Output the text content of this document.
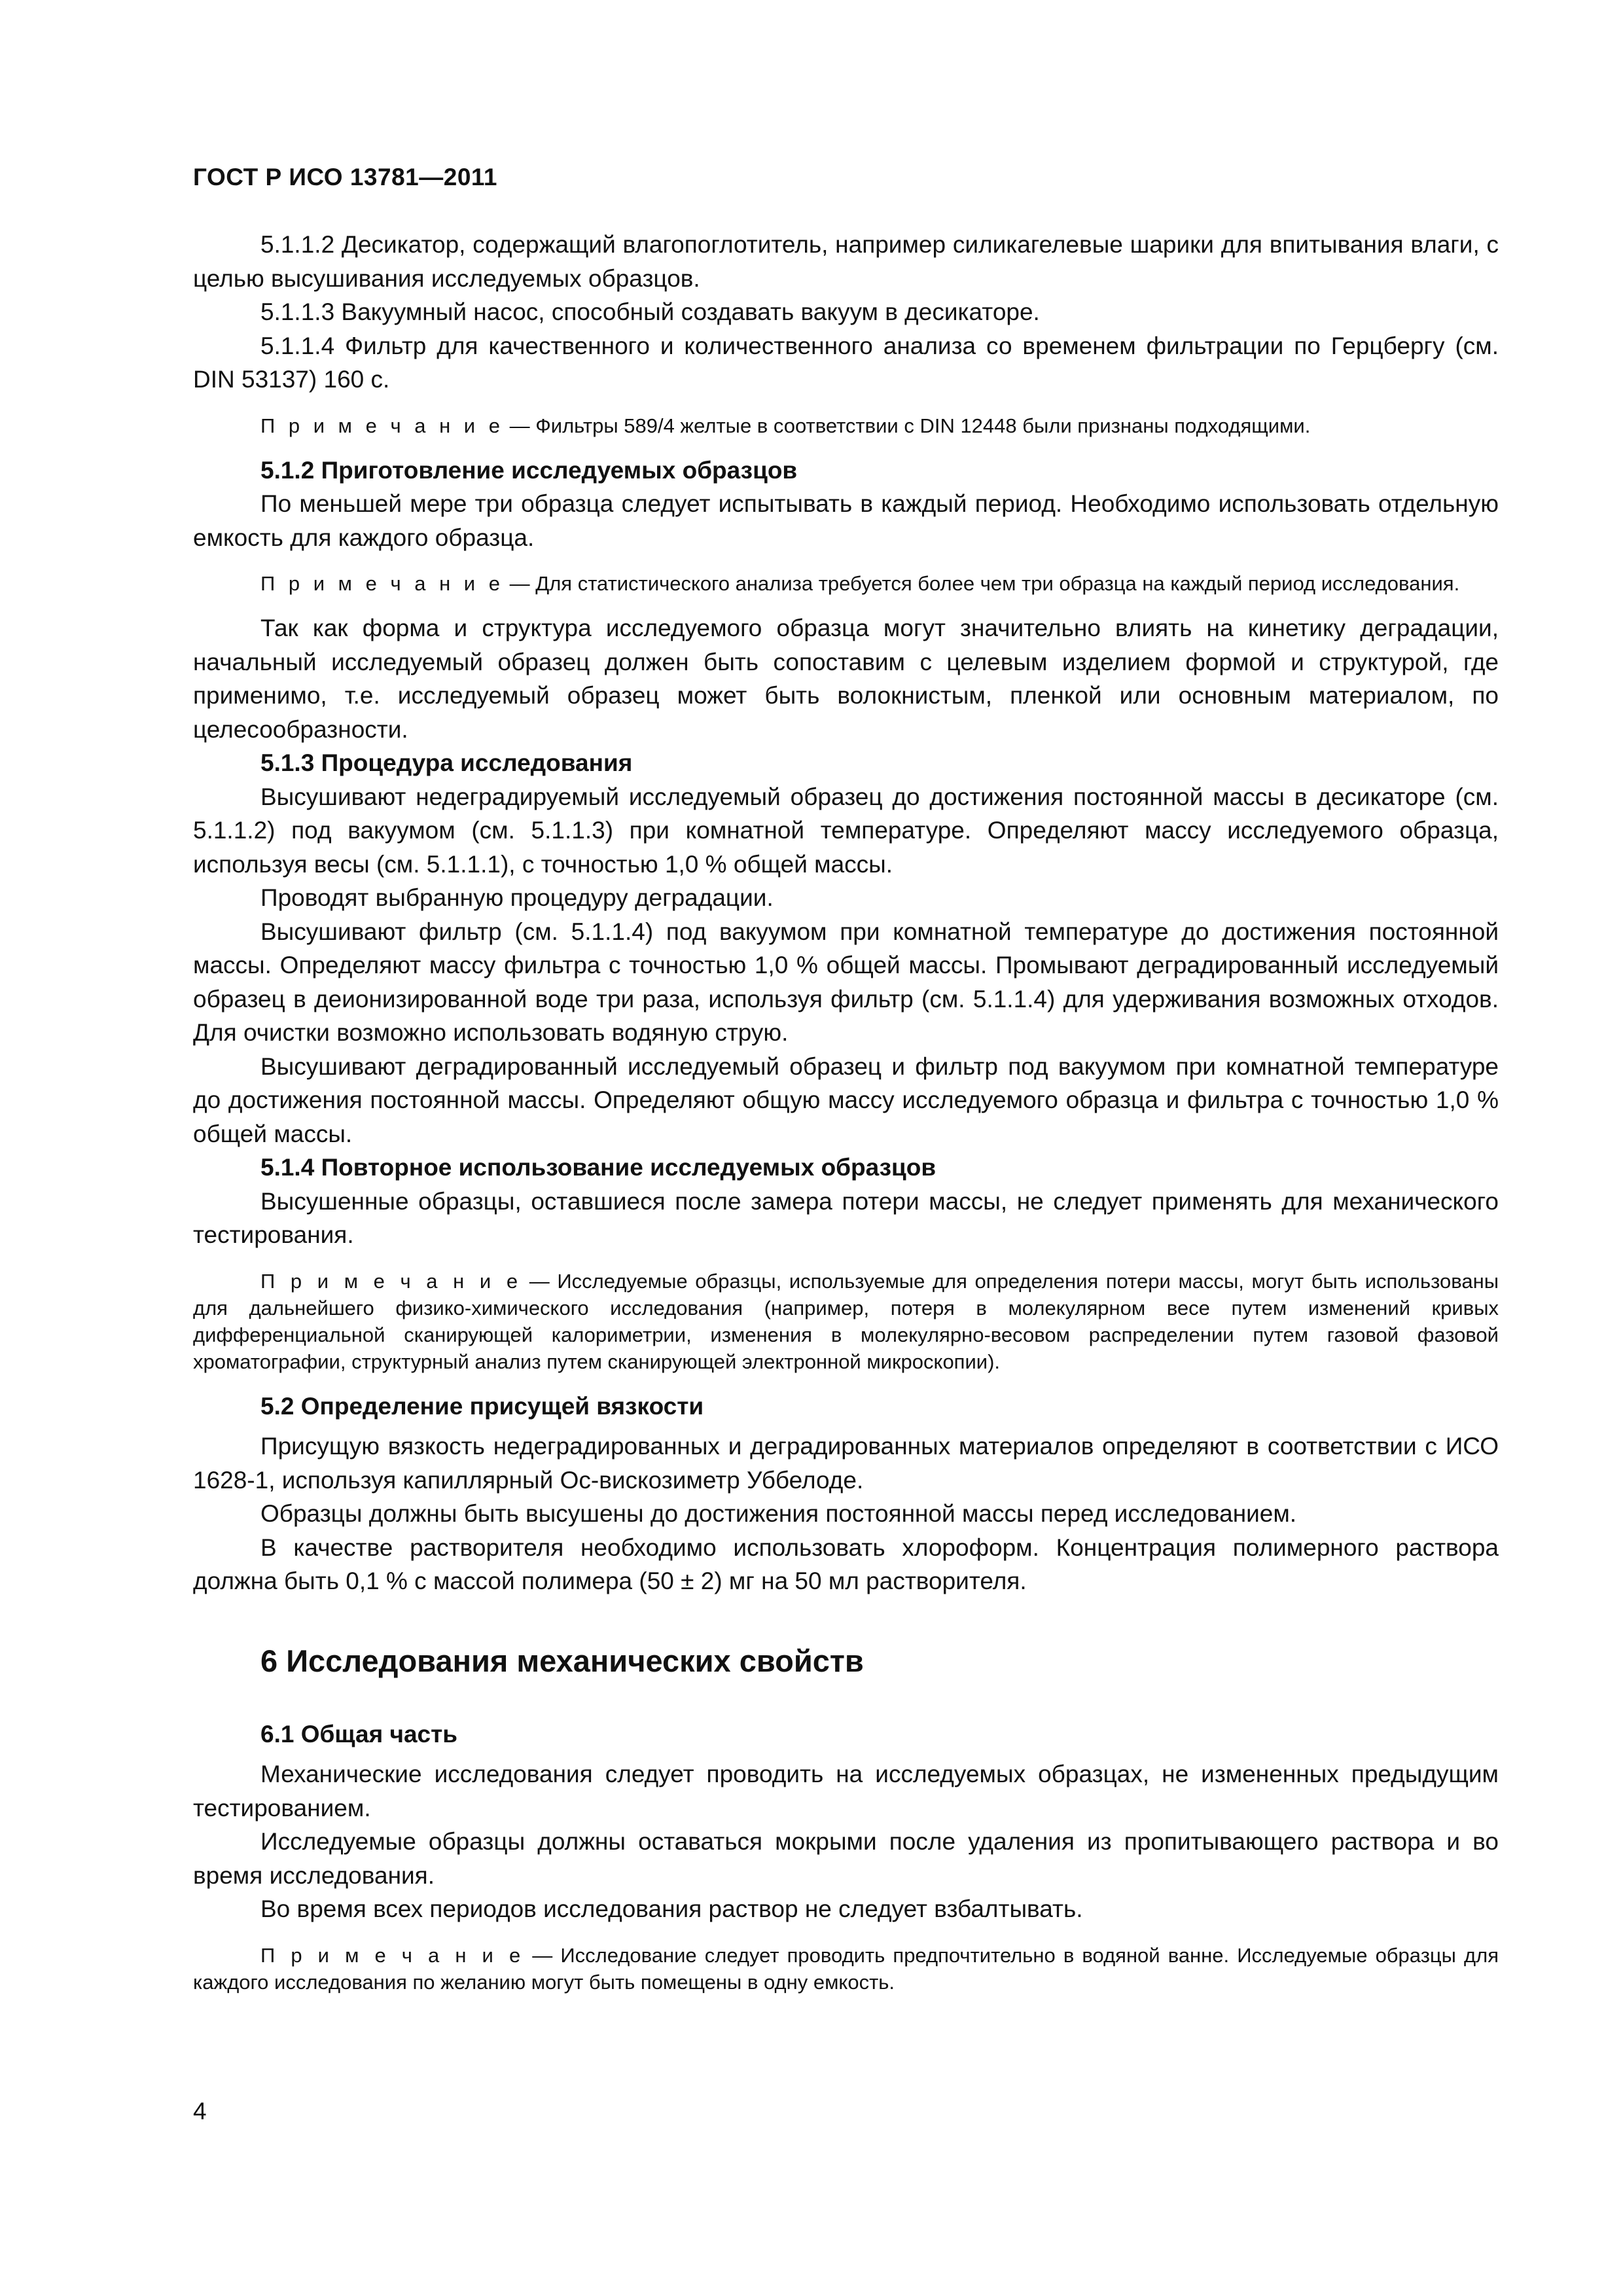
ГОСТ Р ИСО 13781—2011

5.1.1.2 Десикатор, содержащий влагопоглотитель, например силикагелевые шарики для впитывания влаги, с целью высушивания исследуемых образцов.

5.1.1.3 Вакуумный насос, способный создавать вакуум в десикаторе.

5.1.1.4 Фильтр для качественного и количественного анализа со временем фильтрации по Герцбергу (см. DIN 53137) 160 с.

П р и м е ч а н и е — Фильтры 589/4 желтые в соответствии с DIN 12448 были признаны подходящими.

5.1.2 Приготовление исследуемых образцов

По меньшей мере три образца следует испытывать в каждый период. Необходимо использовать отдельную емкость для каждого образца.

П р и м е ч а н и е — Для статистического анализа требуется более чем три образца на каждый период исследования.

Так как форма и структура исследуемого образца могут значительно влиять на кинетику деградации, начальный исследуемый образец должен быть сопоставим с целевым изделием формой и структурой, где применимо, т.е. исследуемый образец может быть волокнистым, пленкой или основным материалом, по целесообразности.

5.1.3 Процедура исследования

Высушивают недеградируемый исследуемый образец до достижения постоянной массы в десикаторе (см. 5.1.1.2) под вакуумом (см. 5.1.1.3) при комнатной температуре. Определяют массу исследуемого образца, используя весы (см. 5.1.1.1), с точностью 1,0 % общей массы.

Проводят выбранную процедуру деградации.

Высушивают фильтр (см. 5.1.1.4) под вакуумом при комнатной температуре до достижения постоянной массы. Определяют массу фильтра с точностью 1,0 % общей массы. Промывают деградированный исследуемый образец в деионизированной воде три раза, используя фильтр (см. 5.1.1.4) для удерживания возможных отходов. Для очистки возможно использовать водяную струю.

Высушивают деградированный исследуемый образец и фильтр под вакуумом при комнатной температуре до достижения постоянной массы. Определяют общую массу исследуемого образца и фильтра с точностью 1,0 % общей массы.

5.1.4 Повторное использование исследуемых образцов

Высушенные образцы, оставшиеся после замера потери массы, не следует применять для механического тестирования.

П р и м е ч а н и е — Исследуемые образцы, используемые для определения потери массы, могут быть использованы для дальнейшего физико-химического исследования (например, потеря в молекулярном весе путем изменений кривых дифференциальной сканирующей калориметрии, изменения в молекулярно-весовом распределении путем газовой фазовой хроматографии, структурный анализ путем сканирующей электронной микроскопии).

5.2 Определение присущей вязкости

Присущую вязкость недеградированных и деградированных материалов определяют в соответствии с ИСО 1628-1, используя капиллярный Ос-вискозиметр Уббелоде.

Образцы должны быть высушены до достижения постоянной массы перед исследованием.

В качестве растворителя необходимо использовать хлороформ. Концентрация полимерного раствора должна быть 0,1 % с массой полимера (50 ± 2) мг на 50 мл растворителя.

6 Исследования механических свойств
6.1 Общая часть

Механические исследования следует проводить на исследуемых образцах, не измененных предыдущим тестированием.

Исследуемые образцы должны оставаться мокрыми после удаления из пропитывающего раствора и во время исследования.

Во время всех периодов исследования раствор не следует взбалтывать.

П р и м е ч а н и е — Исследование следует проводить предпочтительно в водяной ванне. Исследуемые образцы для каждого исследования по желанию могут быть помещены в одну емкость.

4
